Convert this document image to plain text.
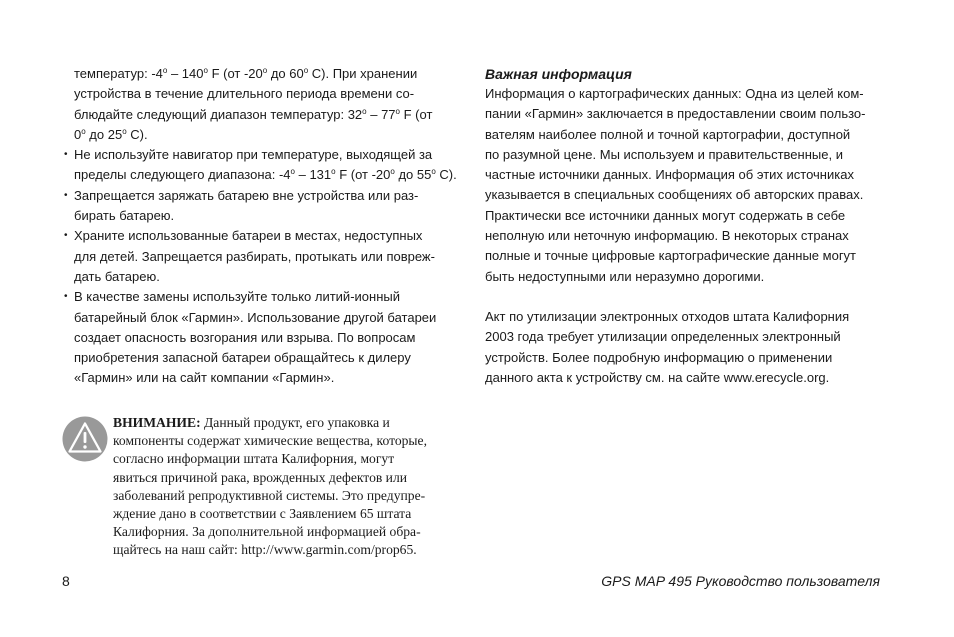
температур: -4$^o$ – 140$^o$ F (от -20$^o$ до 60$^o$ C). При хранении
устройства в течение длительного периода времени со-
блюдайте следующий диапазон температур: 32$^o$ – 77$^o$ F (от
0$^o$ до 25$^o$ C).
• Не используйте навигатор при температуре, выходящей за
пределы следующего диапазона: -4$^o$ – 131$^o$ F (от -20$^o$ до 55$^o$ C).
• Запрещается заряжать батарею вне устройства или раз-
бирать батарею.
• Храните использованные батареи в местах, недоступных
для детей. Запрещается разбирать, протыкать или повреж-
дать батарею.
• В качестве замены используйте только литий-ионный
батарейный блок «Гармин». Использование другой батареи
создает опасность возгорания или взрыва. По вопросам
приобретения запасной батареи обращайтесь к дилеру
«Гармин» или на сайт компании «Гармин».
ВНИМАНИЕ: Данный продукт, его упаковка и
компоненты содержат химические вещества, которые,
согласно информации штата Калифорния, могут
явиться причиной рака, врожденных дефектов или
заболеваний репродуктивной системы. Это предупре-
ждение дано в соответствии с Заявлением 65 штата
Калифорния. За дополнительной информацией обра-
щайтесь на наш сайт: http://www.garmin.com/prop65.
Важная информация
Информация о картографических данных: Одна из целей ком-
пании «Гармин» заключается в предоставлении своим пользо-
вателям наиболее полной и точной картографии, доступной
по разумной цене. Мы используем и правительственные, и
частные источники данных. Информация об этих источниках
указывается в специальных сообщениях об авторских правах.
Практически все источники данных могут содержать в себе
неполную или неточную информацию. В некоторых странах
полные и точные цифровые картографические данные могут
быть недоступными или неразумно дорогими.
Акт по утилизации электронных отходов штата Калифорния
2003 года требует утилизации определенных электронный
устройств. Более подробную информацию о применении
данного акта к устройству см. на сайте www.erecycle.org.
8	GPS MAP 495 Руководство пользователя
